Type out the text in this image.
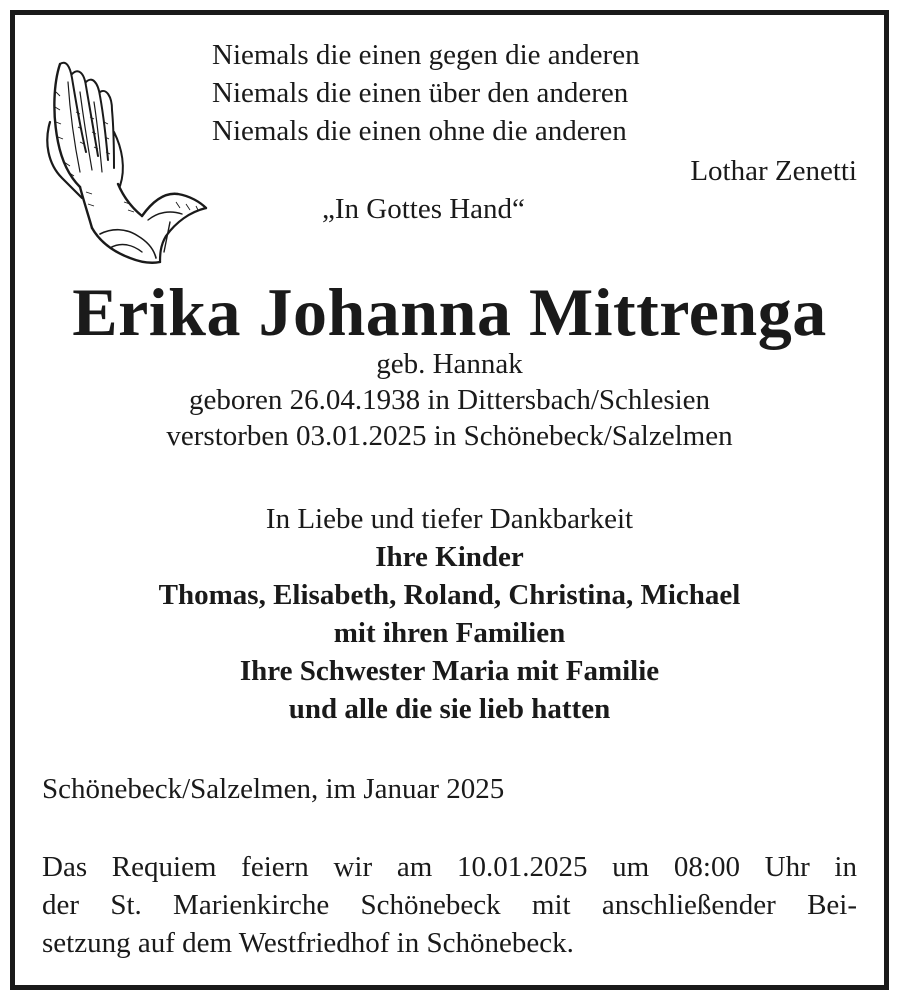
Niemals die einen gegen die anderen
Niemals die einen über den anderen
Niemals die einen ohne die anderen
Lothar Zenetti
„In Gottes Hand“
Erika Johanna Mittrenga
geb. Hannak
geboren 26.04.1938 in Dittersbach/Schlesien
verstorben 03.01.2025 in Schönebeck/Salzelmen
In Liebe und tiefer Dankbarkeit
Ihre Kinder
Thomas, Elisabeth, Roland, Christina, Michael
mit ihren Familien
Ihre Schwester Maria mit Familie
und alle die sie lieb hatten
Schönebeck/Salzelmen, im Januar 2025
Das Requiem feiern wir am 10.01.2025 um 08:00 Uhr in
der St. Marienkirche Schönebeck mit anschließender Bei-
setzung auf dem Westfriedhof in Schönebeck.
